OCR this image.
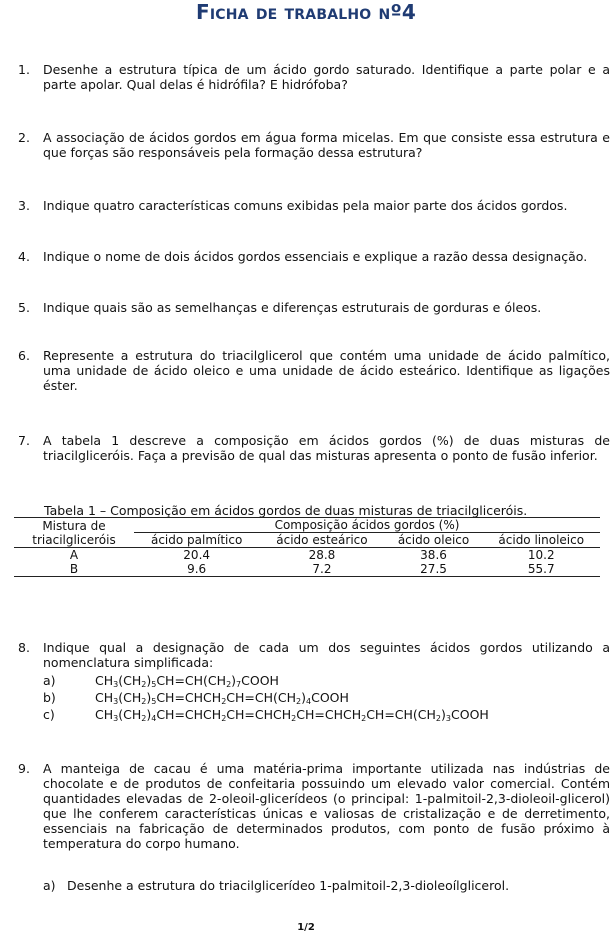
Ficha de trabalho nº4
1.	Desenhe a estrutura típica de um ácido gordo saturado. Identifique a parte polar e a parte apolar. Qual delas é hidrófila? E hidrófoba?
2.	A associação de ácidos gordos em água forma micelas. Em que consiste essa estrutura e que forças são responsáveis pela formação dessa estrutura?
3.	Indique quatro características comuns exibidas pela maior parte dos ácidos gordos.
4.	Indique o nome de dois ácidos gordos essenciais e explique a razão dessa designação.
5.	Indique quais são as semelhanças e diferenças estruturais de gorduras e óleos.
6.	Represente a estrutura do triacilglicerol que contém uma unidade de ácido palmítico, uma unidade de ácido oleico e uma unidade de ácido esteárico. Identifique as ligações éster.
7.	A tabela 1 descreve a composição em ácidos gordos (%) de duas misturas de triacilgliceróis. Faça a previsão de qual das misturas apresenta o ponto de fusão inferior.
Tabela 1 – Composição em ácidos gordos de duas misturas de triacilgliceróis.
Mistura de triacilgliceróis	Composição ácidos gordos (%)			
	ácido palmítico	ácido esteárico	ácido oleico	ácido linoleico
A	20.4	28.8	38.6	10.2
B	9.6	7.2	27.5	55.7
8.	Indique qual a designação de cada um dos seguintes ácidos gordos utilizando a nomenclatura simplificada:
a)	$CH_3(CH_2)_5CH=CH(CH_2)_7COOH$
b)	$CH_3(CH_2)_5CH=CHCH_2CH=CH(CH_2)_4COOH$
c)	$CH_3(CH_2)_4CH=CHCH_2CH=CHCH_2CH=CHCH_2CH=CH(CH_2)_3COOH$
9.	A manteiga de cacau é uma matéria-prima importante utilizada nas indústrias de chocolate e de produtos de confeitaria possuindo um elevado valor comercial. Contém quantidades elevadas de 2-oleoil-glicerídeos (o principal: 1-palmitoil-2,3-dioleoil-glicerol) que lhe conferem características únicas e valiosas de cristalização e de derretimento, essenciais na fabricação de determinados produtos, com ponto de fusão próximo à temperatura do corpo humano.
a) Desenhe a estrutura do triacilglicerídeo 1-palmitoil-2,3-dioleoílglicerol.
1/2
